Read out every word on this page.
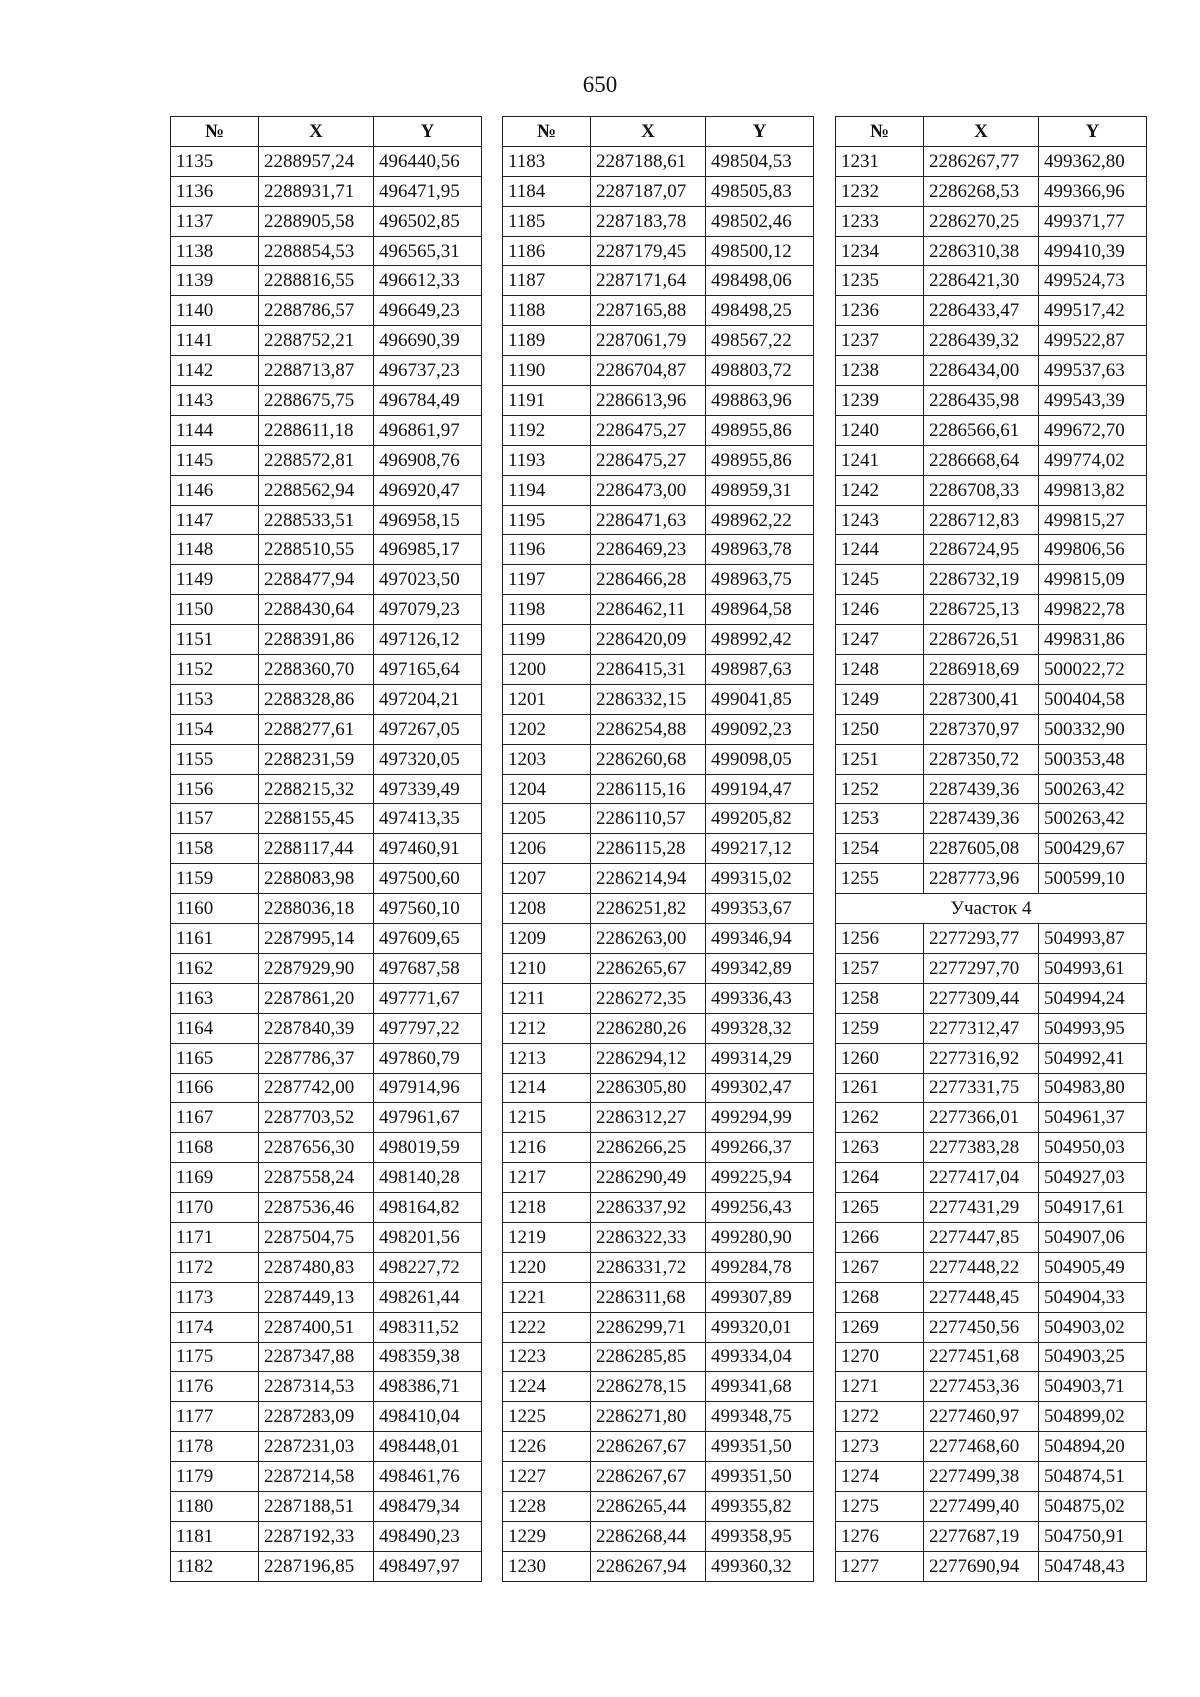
650
№	X	Y
1135	2288957,24	496440,56
1136	2288931,71	496471,95
1137	2288905,58	496502,85
1138	2288854,53	496565,31
1139	2288816,55	496612,33
1140	2288786,57	496649,23
1141	2288752,21	496690,39
1142	2288713,87	496737,23
1143	2288675,75	496784,49
1144	2288611,18	496861,97
1145	2288572,81	496908,76
1146	2288562,94	496920,47
1147	2288533,51	496958,15
1148	2288510,55	496985,17
1149	2288477,94	497023,50
1150	2288430,64	497079,23
1151	2288391,86	497126,12
1152	2288360,70	497165,64
1153	2288328,86	497204,21
1154	2288277,61	497267,05
1155	2288231,59	497320,05
1156	2288215,32	497339,49
1157	2288155,45	497413,35
1158	2288117,44	497460,91
1159	2288083,98	497500,60
1160	2288036,18	497560,10
1161	2287995,14	497609,65
1162	2287929,90	497687,58
1163	2287861,20	497771,67
1164	2287840,39	497797,22
1165	2287786,37	497860,79
1166	2287742,00	497914,96
1167	2287703,52	497961,67
1168	2287656,30	498019,59
1169	2287558,24	498140,28
1170	2287536,46	498164,82
1171	2287504,75	498201,56
1172	2287480,83	498227,72
1173	2287449,13	498261,44
1174	2287400,51	498311,52
1175	2287347,88	498359,38
1176	2287314,53	498386,71
1177	2287283,09	498410,04
1178	2287231,03	498448,01
1179	2287214,58	498461,76
1180	2287188,51	498479,34
1181	2287192,33	498490,23
1182	2287196,85	498497,97
№	X	Y
1183	2287188,61	498504,53
1184	2287187,07	498505,83
1185	2287183,78	498502,46
1186	2287179,45	498500,12
1187	2287171,64	498498,06
1188	2287165,88	498498,25
1189	2287061,79	498567,22
1190	2286704,87	498803,72
1191	2286613,96	498863,96
1192	2286475,27	498955,86
1193	2286475,27	498955,86
1194	2286473,00	498959,31
1195	2286471,63	498962,22
1196	2286469,23	498963,78
1197	2286466,28	498963,75
1198	2286462,11	498964,58
1199	2286420,09	498992,42
1200	2286415,31	498987,63
1201	2286332,15	499041,85
1202	2286254,88	499092,23
1203	2286260,68	499098,05
1204	2286115,16	499194,47
1205	2286110,57	499205,82
1206	2286115,28	499217,12
1207	2286214,94	499315,02
1208	2286251,82	499353,67
1209	2286263,00	499346,94
1210	2286265,67	499342,89
1211	2286272,35	499336,43
1212	2286280,26	499328,32
1213	2286294,12	499314,29
1214	2286305,80	499302,47
1215	2286312,27	499294,99
1216	2286266,25	499266,37
1217	2286290,49	499225,94
1218	2286337,92	499256,43
1219	2286322,33	499280,90
1220	2286331,72	499284,78
1221	2286311,68	499307,89
1222	2286299,71	499320,01
1223	2286285,85	499334,04
1224	2286278,15	499341,68
1225	2286271,80	499348,75
1226	2286267,67	499351,50
1227	2286267,67	499351,50
1228	2286265,44	499355,82
1229	2286268,44	499358,95
1230	2286267,94	499360,32
№	X	Y
1231	2286267,77	499362,80
1232	2286268,53	499366,96
1233	2286270,25	499371,77
1234	2286310,38	499410,39
1235	2286421,30	499524,73
1236	2286433,47	499517,42
1237	2286439,32	499522,87
1238	2286434,00	499537,63
1239	2286435,98	499543,39
1240	2286566,61	499672,70
1241	2286668,64	499774,02
1242	2286708,33	499813,82
1243	2286712,83	499815,27
1244	2286724,95	499806,56
1245	2286732,19	499815,09
1246	2286725,13	499822,78
1247	2286726,51	499831,86
1248	2286918,69	500022,72
1249	2287300,41	500404,58
1250	2287370,97	500332,90
1251	2287350,72	500353,48
1252	2287439,36	500263,42
1253	2287439,36	500263,42
1254	2287605,08	500429,67
1255	2287773,96	500599,10
Участок 4		
1256	2277293,77	504993,87
1257	2277297,70	504993,61
1258	2277309,44	504994,24
1259	2277312,47	504993,95
1260	2277316,92	504992,41
1261	2277331,75	504983,80
1262	2277366,01	504961,37
1263	2277383,28	504950,03
1264	2277417,04	504927,03
1265	2277431,29	504917,61
1266	2277447,85	504907,06
1267	2277448,22	504905,49
1268	2277448,45	504904,33
1269	2277450,56	504903,02
1270	2277451,68	504903,25
1271	2277453,36	504903,71
1272	2277460,97	504899,02
1273	2277468,60	504894,20
1274	2277499,38	504874,51
1275	2277499,40	504875,02
1276	2277687,19	504750,91
1277	2277690,94	504748,43
